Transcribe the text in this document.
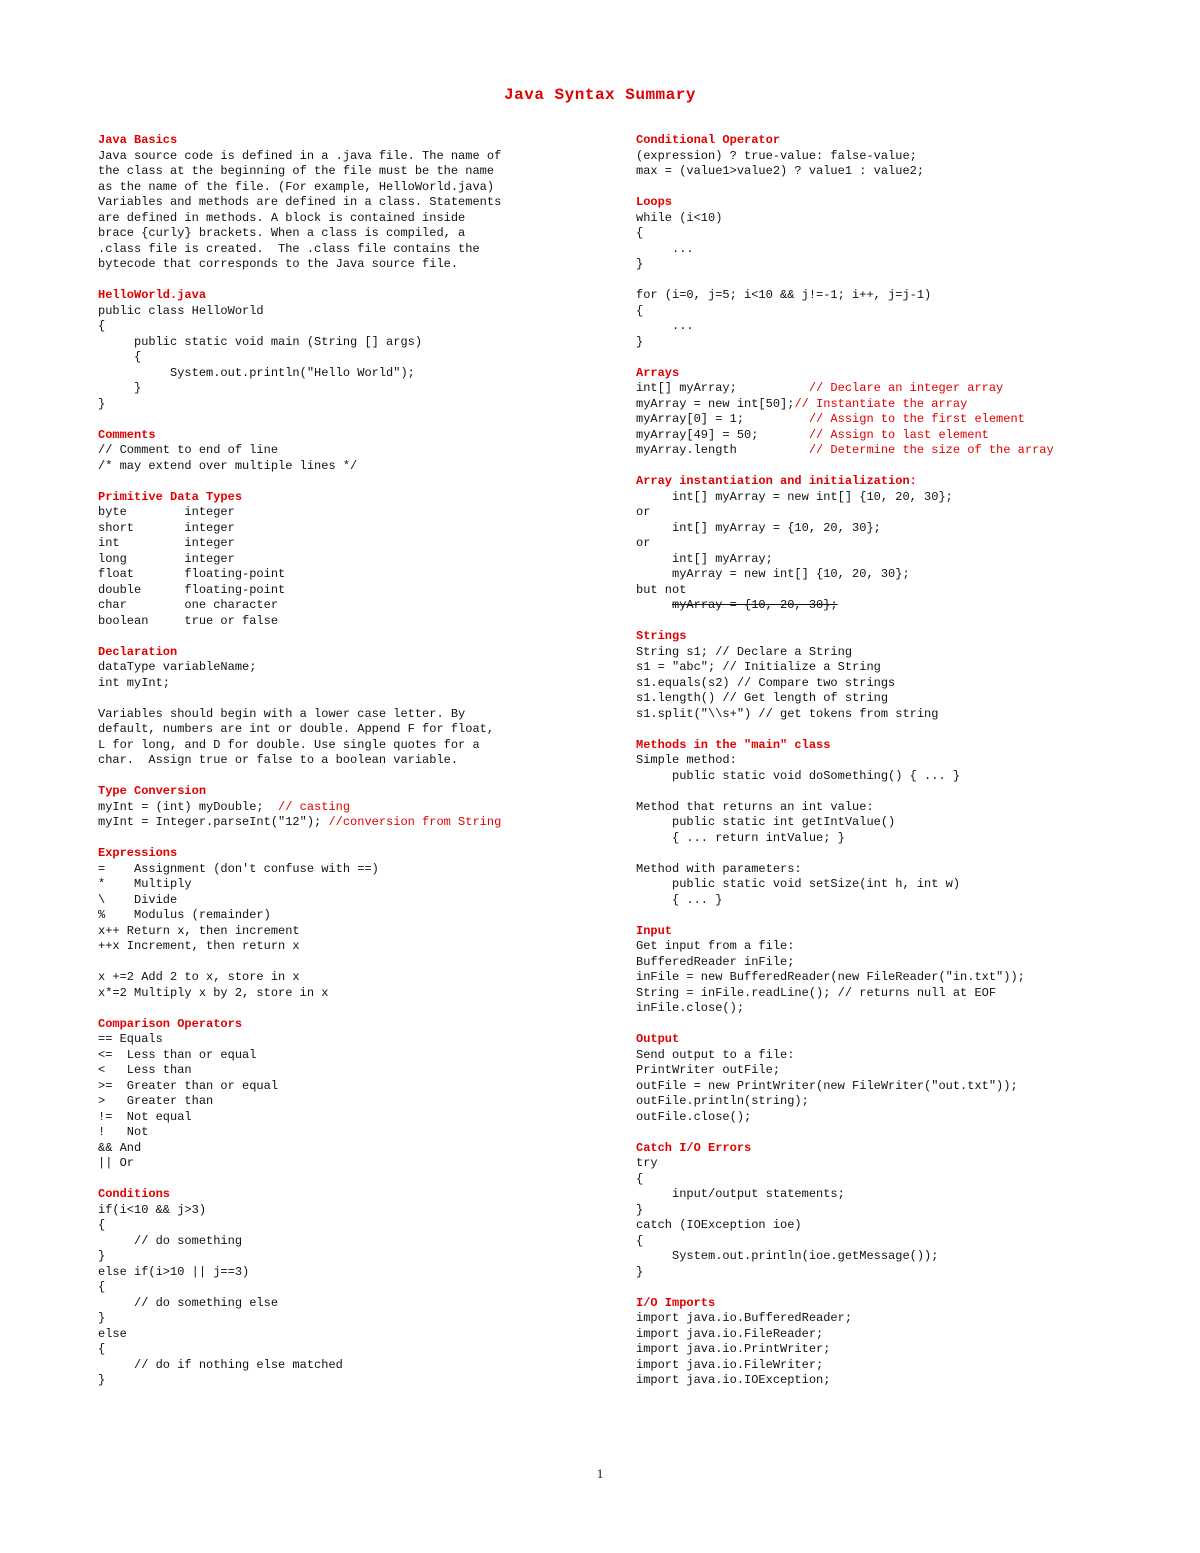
Java Syntax Summary
Java Basics
Java source code is defined in a .java file. The name of
the class at the beginning of the file must be the name
as the name of the file. (For example, HelloWorld.java)
Variables and methods are defined in a class. Statements
are defined in methods. A block is contained inside
brace {curly} brackets. When a class is compiled, a
.class file is created.  The .class file contains the
bytecode that corresponds to the Java source file.
HelloWorld.java
public class HelloWorld
{
public static void main (String [] args)
{
System.out.println("Hello World");
}
}
Comments
// Comment to end of line
/* may extend over multiple lines */
Primitive Data Types
byte        integer
short       integer
int         integer
long        integer
float       floating-point
double      floating-point
char        one character
boolean     true or false
Declaration
dataType variableName;
int myInt;
Variables should begin with a lower case letter. By
default, numbers are int or double. Append F for float,
L for long, and D for double. Use single quotes for a
char.  Assign true or false to a boolean variable.
Type Conversion
myInt = (int) myDouble;  // casting
myInt = Integer.parseInt("12"); //conversion from String
Expressions
=    Assignment (don't confuse with ==)
*    Multiply
\    Divide
%    Modulus (remainder)
x++ Return x, then increment
++x Increment, then return x
x +=2 Add 2 to x, store in x
x*=2 Multiply x by 2, store in x
Comparison Operators
== Equals
<=  Less than or equal
<   Less than
>=  Greater than or equal
>   Greater than
!=  Not equal
!   Not
&& And
|| Or
Conditions
if(i<10 && j>3)
{
// do something
}
else if(i>10 || j==3)
{
// do something else
}
else
{
// do if nothing else matched
}
Conditional Operator
(expression) ? true-value: false-value;
max = (value1>value2) ? value1 : value2;
Loops
while (i<10)
{
...
}
for (i=0, j=5; i<10 && j!=-1; i++, j=j-1)
{
...
}
Arrays
int[] myArray;          // Declare an integer array
myArray = new int[50];// Instantiate the array
myArray[0] = 1;         // Assign to the first element
myArray[49] = 50;       // Assign to last element
myArray.length          // Determine the size of the array
Array instantiation and initialization:
int[] myArray = new int[] {10, 20, 30};
or
int[] myArray = {10, 20, 30};
or
int[] myArray;
myArray = new int[] {10, 20, 30};
but not
myArray = {10, 20, 30};
Strings
String s1; // Declare a String
s1 = "abc"; // Initialize a String
s1.equals(s2) // Compare two strings
s1.length() // Get length of string
s1.split("\\s+") // get tokens from string
Methods in the "main" class
Simple method:
public static void doSomething() { ... }
Method that returns an int value:
public static int getIntValue()
{ ... return intValue; }
Method with parameters:
public static void setSize(int h, int w)
{ ... }
Input
Get input from a file:
BufferedReader inFile;
inFile = new BufferedReader(new FileReader("in.txt"));
String = inFile.readLine(); // returns null at EOF
inFile.close();
Output
Send output to a file:
PrintWriter outFile;
outFile = new PrintWriter(new FileWriter("out.txt"));
outFile.println(string);
outFile.close();
Catch I/O Errors
try
{
input/output statements;
}
catch (IOException ioe)
{
System.out.println(ioe.getMessage());
}
I/O Imports
import java.io.BufferedReader;
import java.io.FileReader;
import java.io.PrintWriter;
import java.io.FileWriter;
import java.io.IOException;
1
